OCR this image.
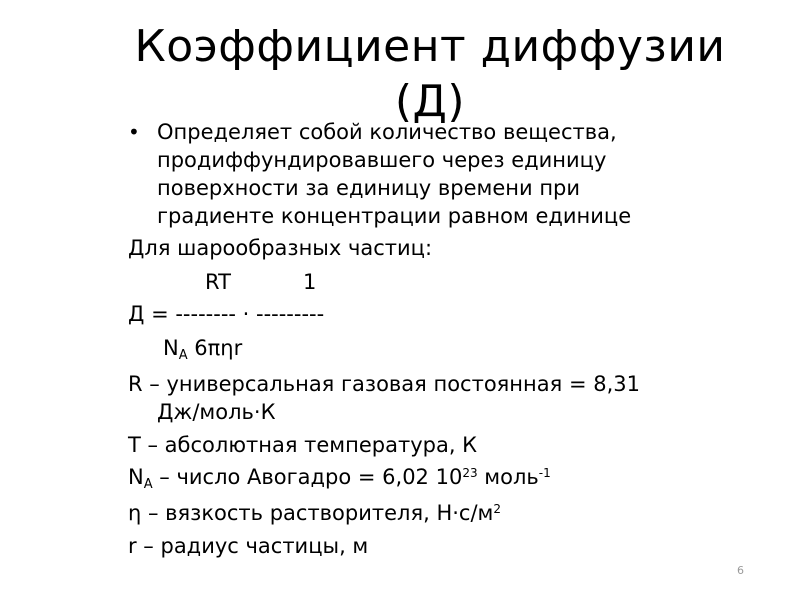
Коэффициент диффузии
(Д)
• Определяет собой количество вещества,
продиффундировавшего через единицу
поверхности за единицу времени при
градиенте концентрации равном единице
Для шарообразных частиц:
RT	1
Д = -------- · ---------
$N_A$ 6πηr
R – универсальная газовая постоянная = 8,31
Дж/моль·К
Т – абсолютная температура, К
$N_A$ – число Авогадро = 6,02 $10^{23}$ моль$^{-1}$
η – вязкость растворителя, $Н\cdot с/м^2$
r – радиус частицы, м
6
